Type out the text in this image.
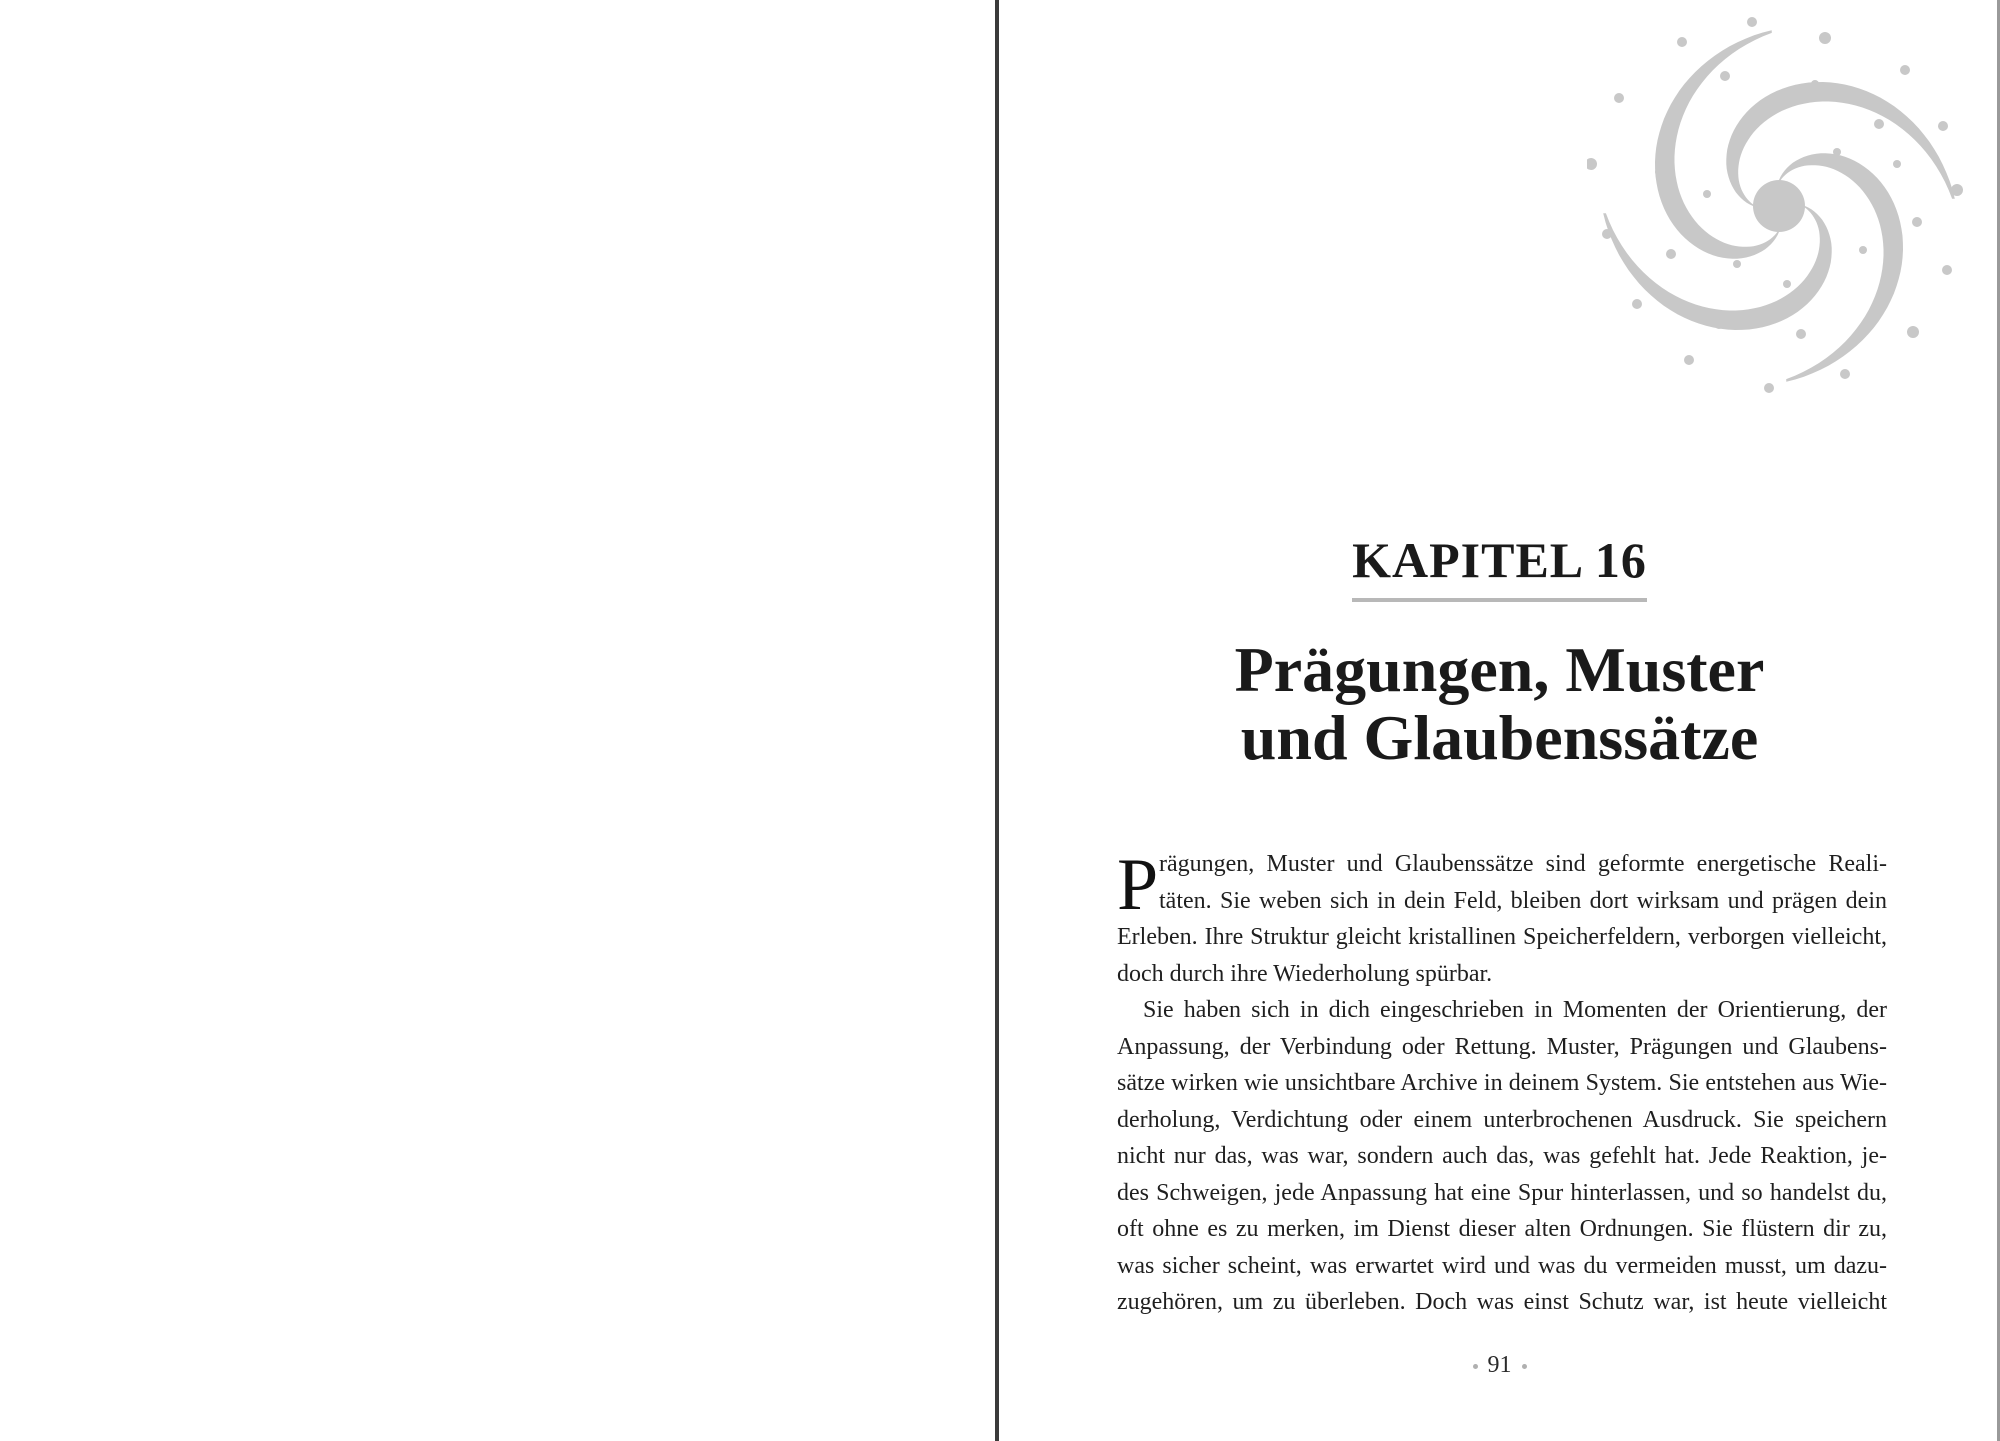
KAPITEL 16
Prägungen, Muster
und Glaubenssätze
P rägungen, Muster und Glaubenssätze sind geformte energetische Reali-
täten. Sie weben sich in dein Feld, bleiben dort wirksam und prägen dein
Erleben. Ihre Struktur gleicht kristallinen Speicherfeldern, verborgen vielleicht,
doch durch ihre Wiederholung spürbar.
Sie haben sich in dich eingeschrieben in Momenten der Orientierung, der
Anpassung, der Verbindung oder Rettung. Muster, Prägungen und Glaubens-
sätze wirken wie unsichtbare Archive in deinem System. Sie entstehen aus Wie-
derholung, Verdichtung oder einem unterbrochenen Ausdruck. Sie speichern
nicht nur das, was war, sondern auch das, was gefehlt hat. Jede Reaktion, je-
des Schweigen, jede Anpassung hat eine Spur hinterlassen, und so handelst du,
oft ohne es zu merken, im Dienst dieser alten Ordnungen. Sie flüstern dir zu,
was sicher scheint, was erwartet wird und was du vermeiden musst, um dazu-
zugehören, um zu überleben. Doch was einst Schutz war, ist heute vielleicht
91
